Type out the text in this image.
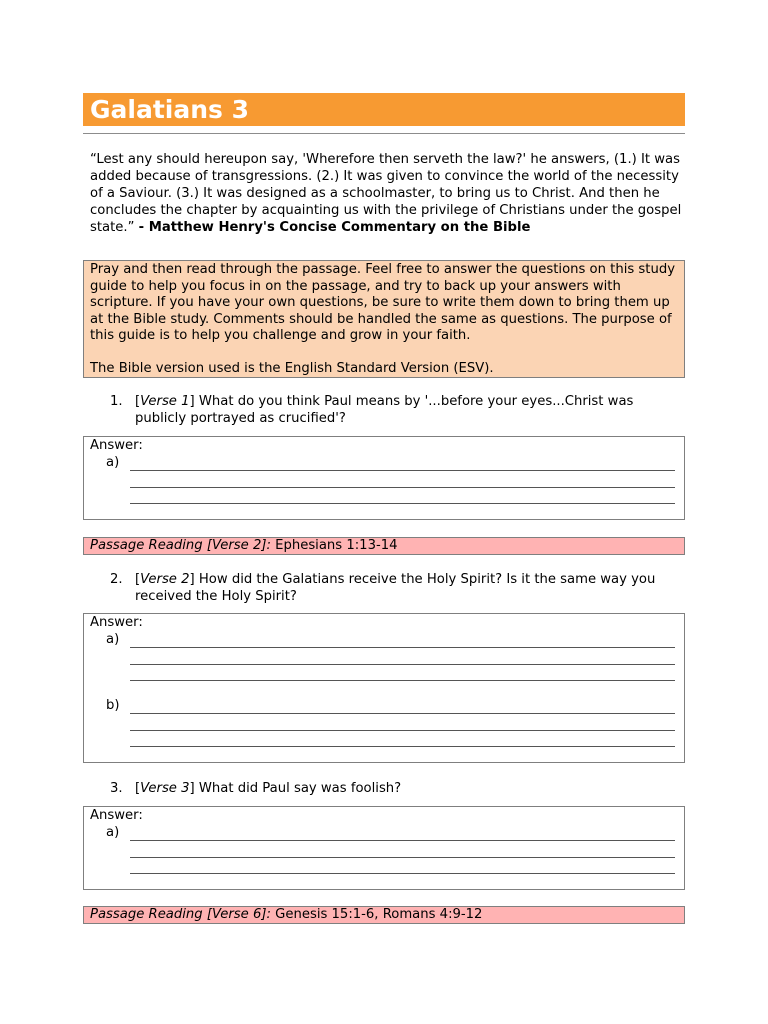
Galatians 3
“Lest any should hereupon say, 'Wherefore then serveth the law?' he answers, (1.) It was added because of transgressions. (2.) It was given to convince the world of the necessity of a Saviour. (3.) It was designed as a schoolmaster, to bring us to Christ. And then he concludes the chapter by acquainting us with the privilege of Christians under the gospel state.” - Matthew Henry's Concise Commentary on the Bible

Pray and then read through the passage. Feel free to answer the questions on this study guide to help you focus in on the passage, and try to back up your answers with scripture. If you have your own questions, be sure to write them down to bring them up at the Bible study. Comments should be handled the same as questions. The purpose of this guide is to help you challenge and grow in your faith.

The Bible version used is the English Standard Version (ESV).

1. [Verse 1] What do you think Paul means by '...before your eyes...Christ was publicly portrayed as crucified'?
Answer:
a)
Passage Reading [Verse 2]: Ephesians 1:13-14
2. [Verse 2] How did the Galatians receive the Holy Spirit? Is it the same way you received the Holy Spirit?
Answer:
a)
b)
3. [Verse 3] What did Paul say was foolish?
Answer:
a)
Passage Reading [Verse 6]: Genesis 15:1-6, Romans 4:9-12
